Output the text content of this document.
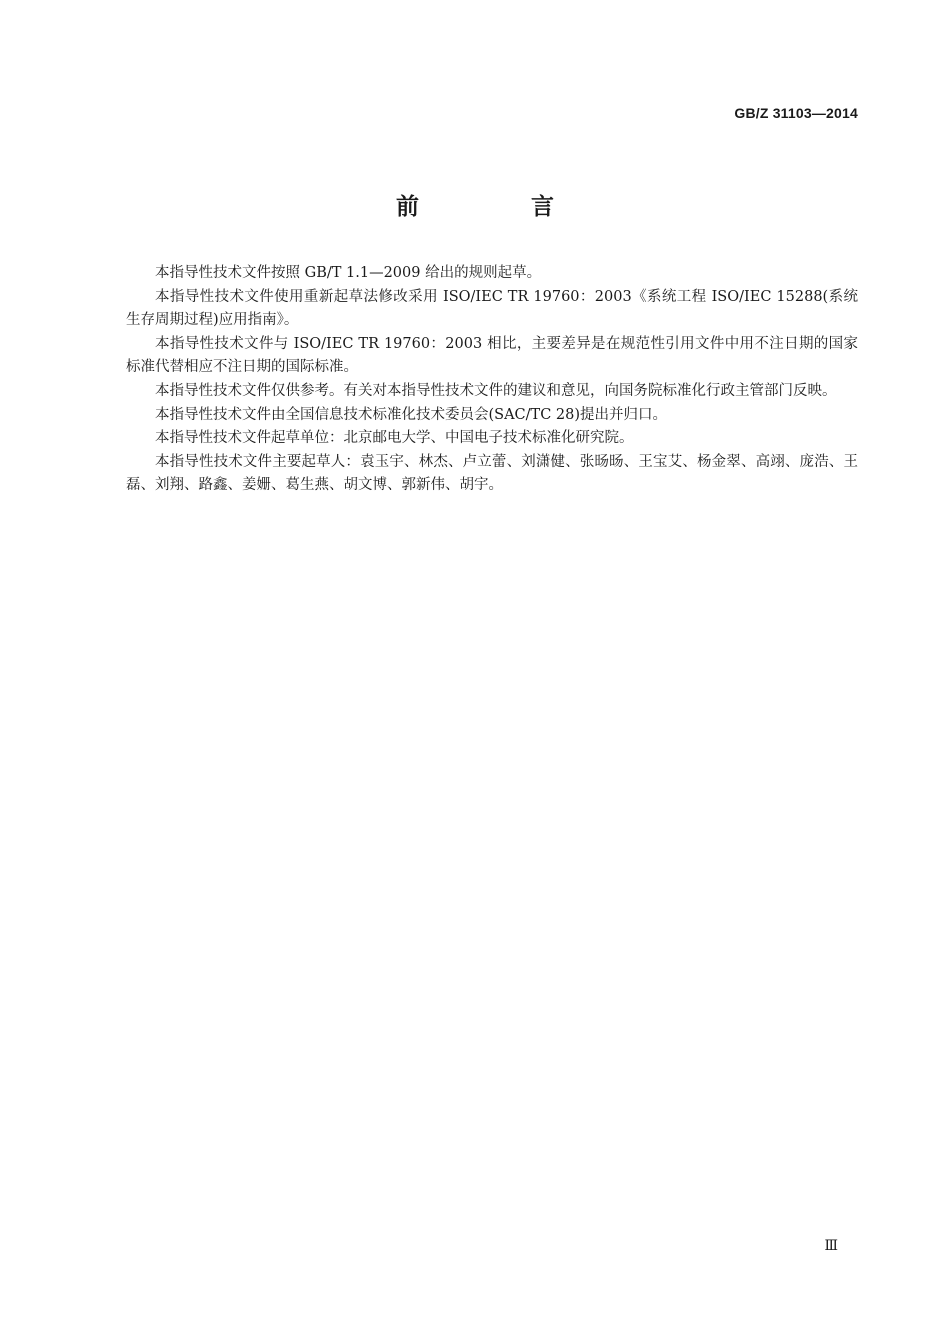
GB/Z 31103—2014
前 言

本指导性技术文件按照 GB/T 1.1—2009 给出的规则起草。

本指导性技术文件使用重新起草法修改采用 ISO/IEC TR 19760：2003《系统工程 ISO/IEC 15288(系统生存周期过程)应用指南》。

本指导性技术文件与 ISO/IEC TR 19760：2003 相比，主要差异是在规范性引用文件中用不注日期的国家标准代替相应不注日期的国际标准。

本指导性技术文件仅供参考。有关对本指导性技术文件的建议和意见，向国务院标准化行政主管部门反映。

本指导性技术文件由全国信息技术标准化技术委员会(SAC/TC 28)提出并归口。

本指导性技术文件起草单位：北京邮电大学、中国电子技术标准化研究院。

本指导性技术文件主要起草人：袁玉宇、林杰、卢立蕾、刘潇健、张旸旸、王宝艾、杨金翠、高翊、庞浩、王磊、刘翔、路鑫、姜姗、葛生燕、胡文博、郭新伟、胡宇。

Ⅲ
